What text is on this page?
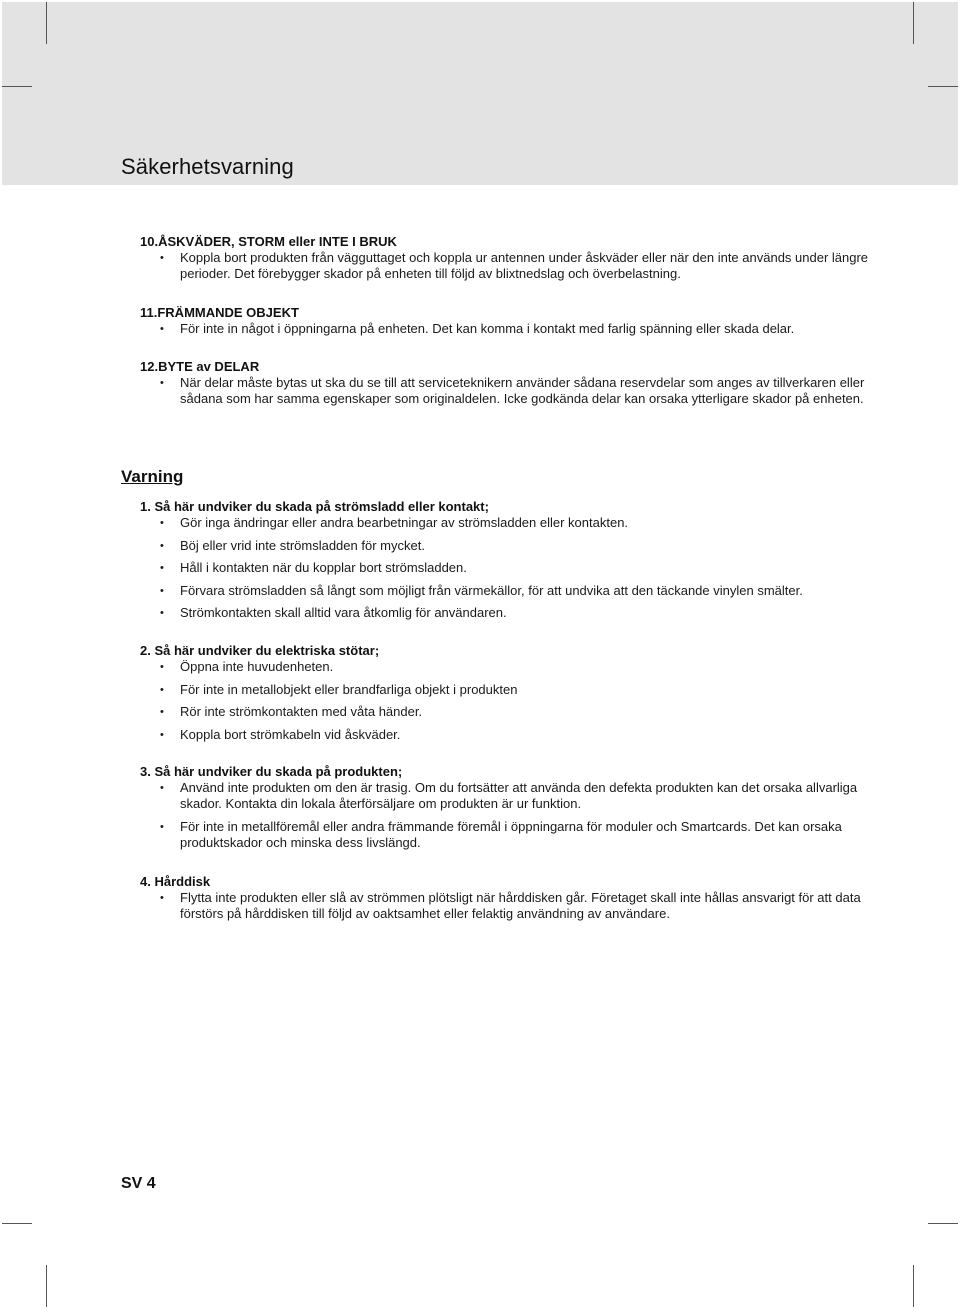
Säkerhetsvarning

10.ÅSKVÄDER, STORM eller INTE I BRUK

• Koppla bort produkten från vägguttaget och koppla ur antennen under åskväder eller när den inte används under längre perioder. Det förebygger skador på enheten till följd av blixtnedslag och överbelastning.

11.FRÄMMANDE OBJEKT

• För inte in något i öppningarna på enheten. Det kan komma i kontakt med farlig spänning eller skada delar.

12.BYTE av DELAR

• När delar måste bytas ut ska du se till att serviceteknikern använder sådana reservdelar som anges av tillverkaren eller sådana som har samma egenskaper som originaldelen. Icke godkända delar kan orsaka ytterligare skador på enheten.
Varning

1. Så här undviker du skada på strömsladd eller kontakt;

• Gör inga ändringar eller andra bearbetningar av strömsladden eller kontakten.
• Böj eller vrid inte strömsladden för mycket.
• Håll i kontakten när du kopplar bort strömsladden.
• Förvara strömsladden så långt som möjligt från värmekällor, för att undvika att den täckande vinylen smälter.
• Strömkontakten skall alltid vara åtkomlig för användaren.

2. Så här undviker du elektriska stötar;

• Öppna inte huvudenheten.
• För inte in metallobjekt eller brandfarliga objekt i produkten
• Rör inte strömkontakten med våta händer.
• Koppla bort strömkabeln vid åskväder.

3. Så här undviker du skada på produkten;

• Använd inte produkten om den är trasig. Om du fortsätter att använda den defekta produkten kan det orsaka allvarliga skador. Kontakta din lokala återförsäljare om produkten är ur funktion.
• För inte in metallföremål eller andra främmande föremål i öppningarna för moduler och Smartcards. Det kan orsaka produktskador och minska dess livslängd.

4. Hårddisk

• Flytta inte produkten eller slå av strömmen plötsligt när hårddisken går. Företaget skall inte hållas ansvarigt för att data förstörs på hårddisken till följd av oaktsamhet eller felaktig användning av användare.

SV 4
